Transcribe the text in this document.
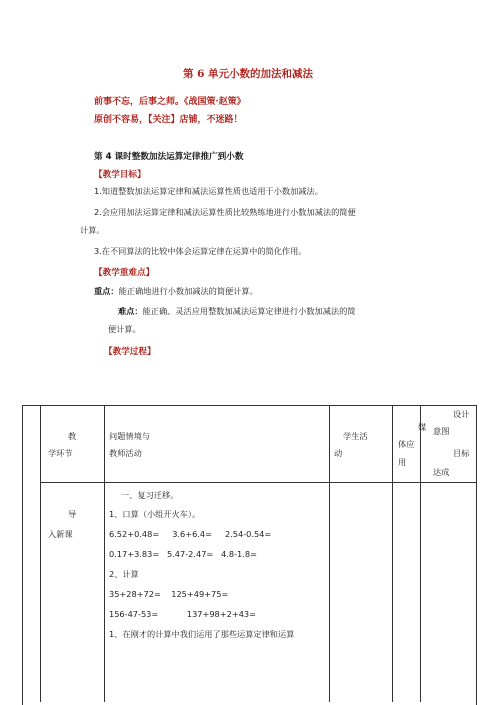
第 6 单元小数的加法和减法
前事不忘，后事之师。《战国策·赵策》
原创不容易，【关注】店铺，不迷路！
第 4 课时整数加法运算定律推广到小数
【教学目标】
1.知道整数加法运算定律和减法运算性质也适用于小数加减法。
2.会应用加法运算定律和减法运算性质比较熟练地进行小数加减法的简便
计算。
3.在不同算法的比较中体会运算定律在运算中的简化作用。
【教学重难点】
重点：能正确地进行小数加减法的简便计算。
难点：能正确、灵活应用整数加减法运算定律进行小数加减法的简
便计算。
【教学过程】
教
学环节
问题情境与
教师活动
学生活
动
媒
体应
用
设计
意图
目标
达成
导
入新课
一、复习迁移。
1、口算（小组开火车）。
6.52+0.48=     3.6+6.4=     2.54-0.54=
0.17+3.83=   5.47-2.47=   4.8-1.8=
2、计算
35+28+72=    125+49+75=
156-47-53=           137+98+2+43=
1、在刚才的计算中我们运用了那些运算定律和运算
